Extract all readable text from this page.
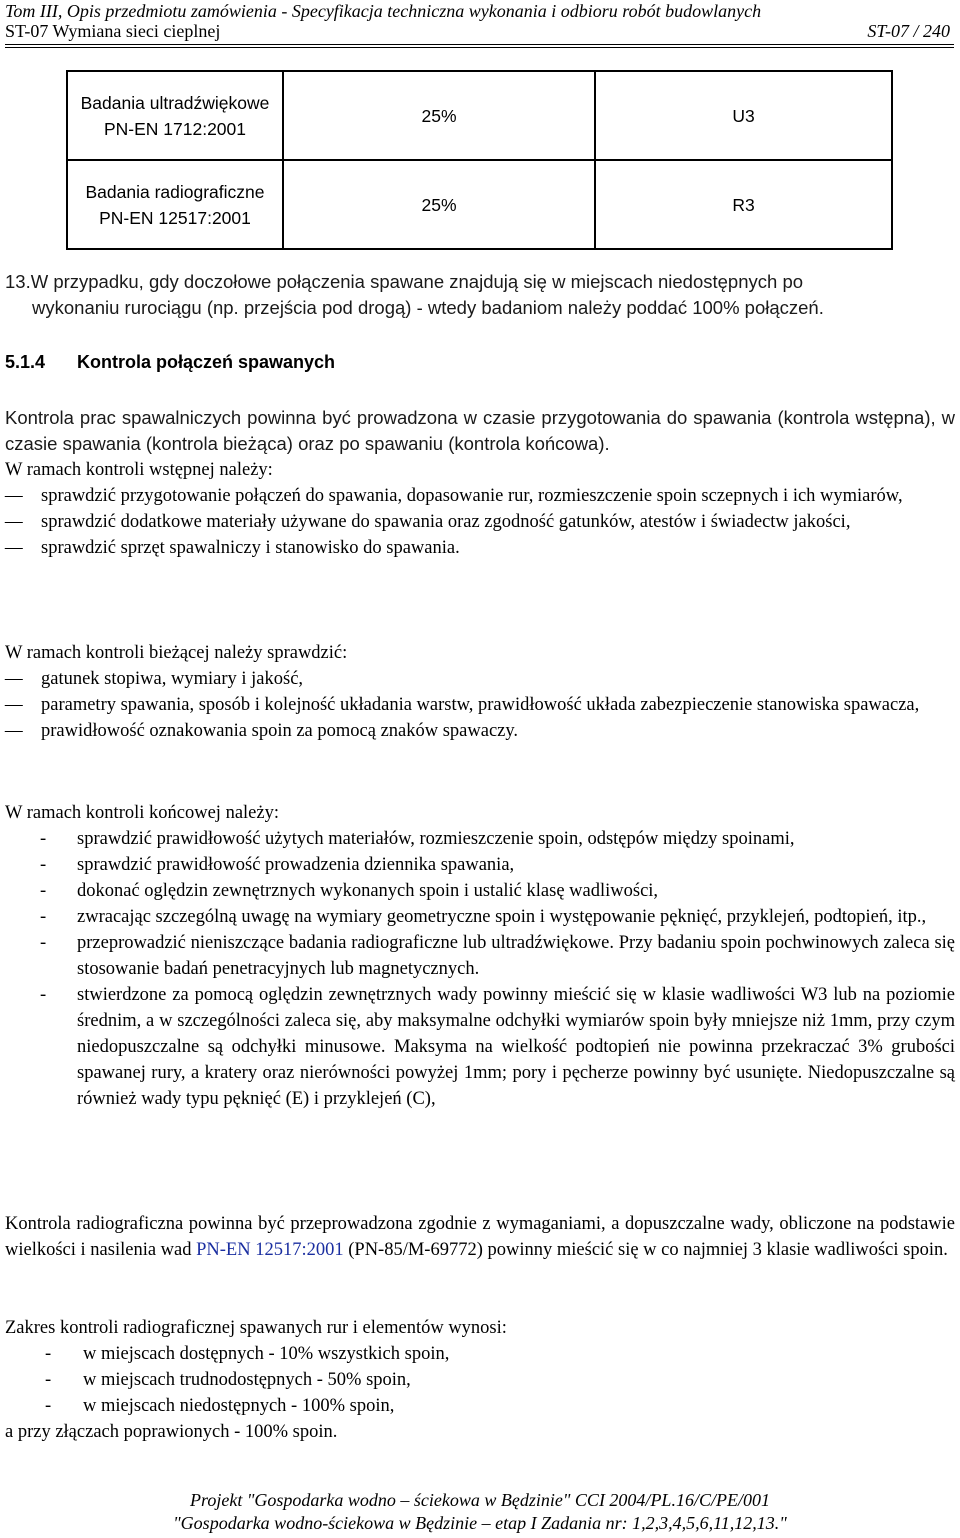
Tom III, Opis przedmiotu zamówienia - Specyfikacja techniczna wykonania i odbioru robót budowlanych
ST-07 Wymiana sieci cieplnej	ST-07 / 240
Badania ultradźwiękowe
PN-EN 1712:2001	25%	U3

Badania radiograficzne
PN-EN 12517:2001	25%	R3
13.W przypadku, gdy doczołowe połączenia spawane znajdują się w miejscach niedostępnych po
wykonaniu rurociągu (np. przejścia pod drogą) - wtedy badaniom należy poddać 100% połączeń.
5.1.4 Kontrola połączeń spawanych
Kontrola prac spawalniczych powinna być prowadzona w czasie przygotowania do spawania (kontrola wstępna), w czasie spawania (kontrola bieżąca) oraz po spawaniu (kontrola końcowa).
W ramach kontroli wstępnej należy:
– sprawdzić przygotowanie połączeń do spawania, dopasowanie rur, rozmieszczenie spoin sczepnych i ich wymiarów,
– sprawdzić dodatkowe materiały używane do spawania oraz zgodność gatunków, atestów i świadectw jakości,
– sprawdzić sprzęt spawalniczy i stanowisko do spawania.
W ramach kontroli bieżącej należy sprawdzić:
– gatunek stopiwa, wymiary i jakość,
– parametry spawania, sposób i kolejność układania warstw, prawidłowość układa zabezpieczenie stanowiska spawacza,
– prawidłowość oznakowania spoin za pomocą znaków spawaczy.
W ramach kontroli końcowej należy:
- sprawdzić prawidłowość użytych materiałów, rozmieszczenie spoin, odstępów między spoinami,
- sprawdzić prawidłowość prowadzenia dziennika spawania,
- dokonać oględzin zewnętrznych wykonanych spoin i ustalić klasę wadliwości,
- zwracając szczególną uwagę na wymiary geometryczne spoin i występowanie pęknięć, przyklejeń, podtopień, itp.,
- przeprowadzić nieniszczące badania radiograficzne lub ultradźwiękowe. Przy badaniu spoin pochwinowych zaleca się stosowanie badań penetracyjnych lub magnetycznych.
- stwierdzone za pomocą oględzin zewnętrznych wady powinny mieścić się w klasie wadliwości W3 lub na poziomie średnim, a w szczególności zaleca się, aby maksymalne odchyłki wymiarów spoin były mniejsze niż 1mm, przy czym niedopuszczalne są odchyłki minusowe. Maksyma na wielkość podtopień nie powinna przekraczać 3% grubości spawanej rury, a kratery oraz nierówności powyżej 1mm; pory i pęcherze powinny być usunięte. Niedopuszczalne są również wady typu pęknięć (E) i przyklejeń (C),
Kontrola radiograficzna powinna być przeprowadzona zgodnie z wymaganiami, a dopuszczalne wady, obliczone na podstawie wielkości i nasilenia wad PN-EN 12517:2001 (PN-85/M-69772) powinny mieścić się w co najmniej 3 klasie wadliwości spoin.
Zakres kontroli radiograficznej spawanych rur i elementów wynosi:
- w miejscach dostępnych - 10% wszystkich spoin,
- w miejscach trudnodostępnych - 50% spoin,
- w miejscach niedostępnych - 100% spoin,
a przy złączach poprawionych - 100% spoin.
Projekt "Gospodarka wodno – ściekowa w Będzinie" CCI 2004/PL.16/C/PE/001
"Gospodarka wodno-ściekowa w Będzinie – etap I Zadania nr: 1,2,3,4,5,6,11,12,13."
